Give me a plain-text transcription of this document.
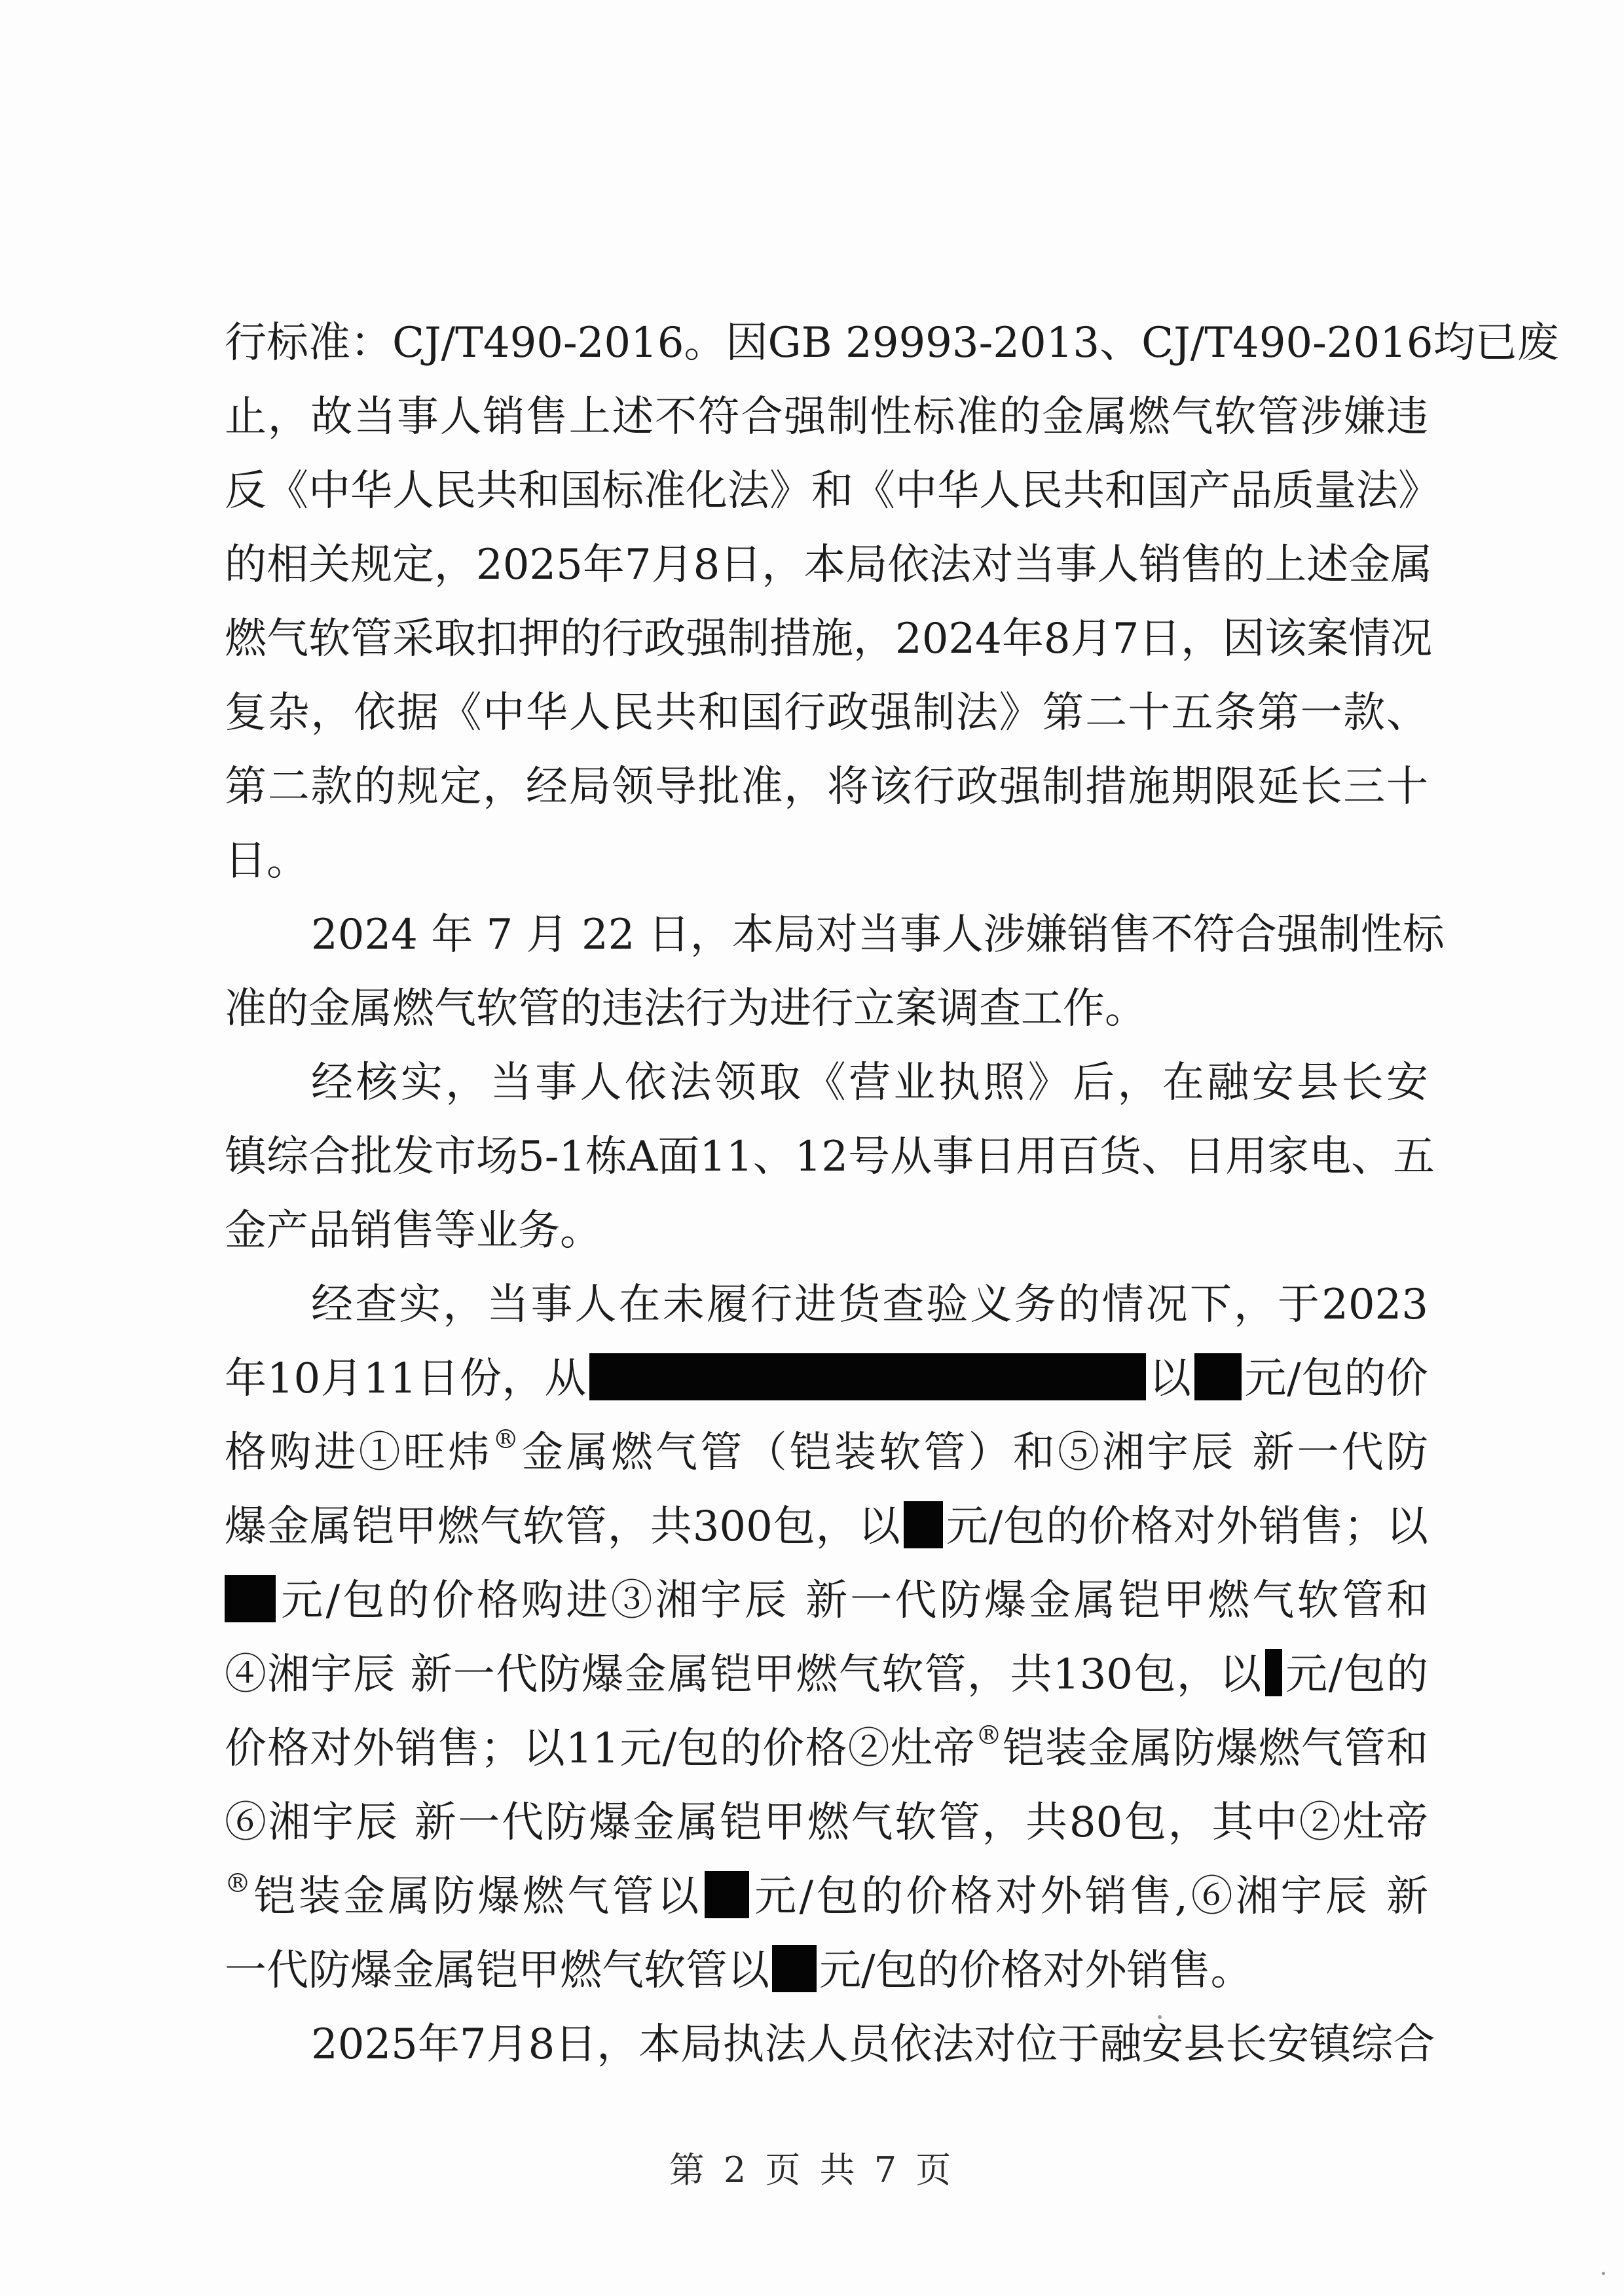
行标准：CJ/T490-2016。因GB 29993-2013、CJ/T490-2016均已废
止，故当事人销售上述不符合强制性标准的金属燃气软管涉嫌违
反《中华人民共和国标准化法》和《中华人民共和国产品质量法》
的相关规定，2025年7月8日，本局依法对当事人销售的上述金属
燃气软管采取扣押的行政强制措施，2024年8月7日，因该案情况
复杂，依据《中华人民共和国行政强制法》第二十五条第一款、
第二款的规定，经局领导批准，将该行政强制措施期限延长三十
日。
2024 年 7 月 22 日，本局对当事人涉嫌销售不符合强制性标
准的金属燃气软管的违法行为进行立案调查工作。
经核实，当事人依法领取《营业执照》后，在融安县长安
镇综合批发市场5-1栋A面11、12号从事日用百货、日用家电、五
金产品销售等业务。
经查实，当事人在未履行进货查验义务的情况下，于2023
年10月11日份，从	以 元/包的价
格购进①旺炜®金属燃气管（铠装软管）和⑤湘宇辰 新一代防
爆金属铠甲燃气软管，共300包，以 元/包的价格对外销售；以
元/包的价格购进③湘宇辰 新一代防爆金属铠甲燃气软管和
④湘宇辰 新一代防爆金属铠甲燃气软管，共130包，以 元/包的
价格对外销售；以11元/包的价格②灶帝®铠装金属防爆燃气管和
⑥湘宇辰 新一代防爆金属铠甲燃气软管，共80包，其中②灶帝
®铠装金属防爆燃气管以 元/包的价格对外销售,⑥湘宇辰 新
一代防爆金属铠甲燃气软管以 元/包的价格对外销售。
2025年7月8日，本局执法人员依法对位于融安县长安镇综合
第 2 页 共 7 页
